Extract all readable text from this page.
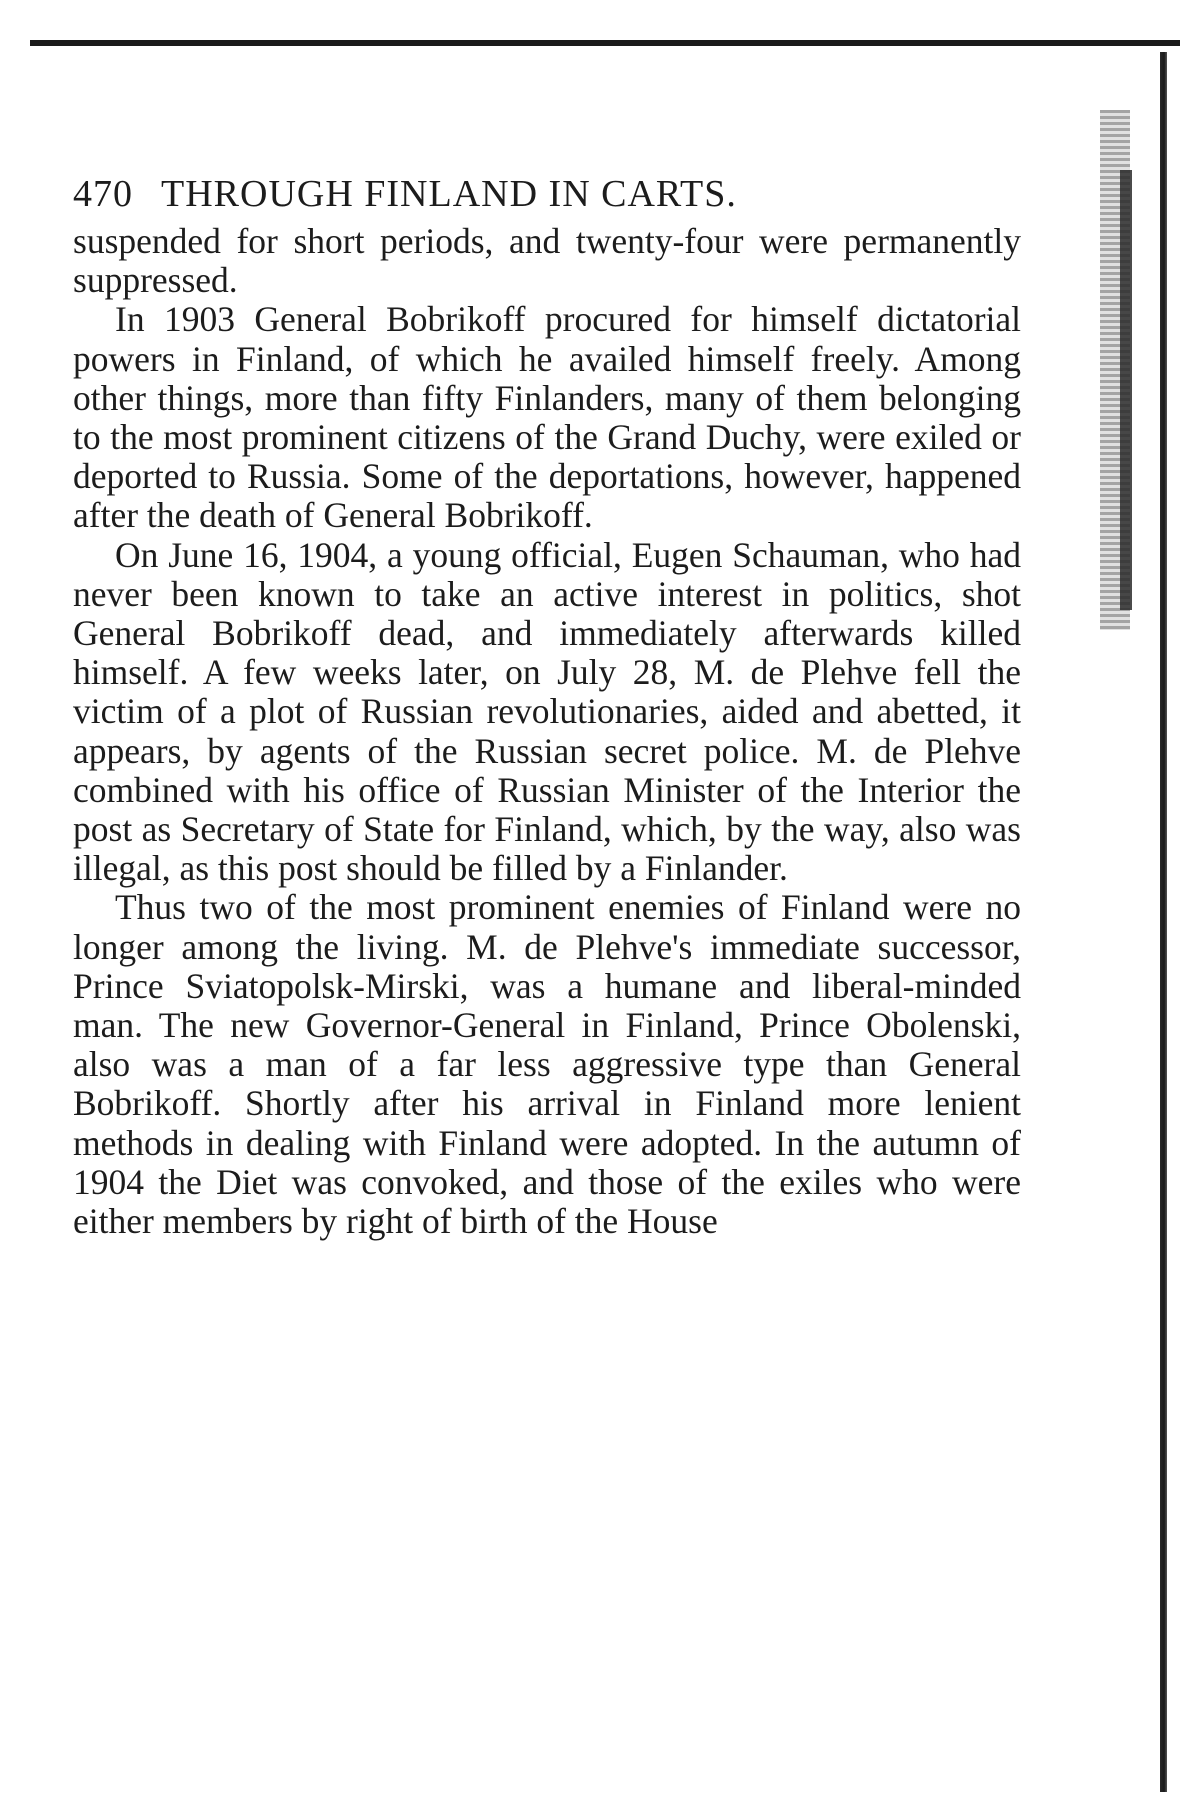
470 THROUGH FINLAND IN CARTS.

suspended for short periods, and twenty-four were permanently suppressed.

In 1903 General Bobrikoff procured for himself dictatorial powers in Finland, of which he availed himself freely. Among other things, more than fifty Finlanders, many of them belonging to the most prominent citizens of the Grand Duchy, were exiled or deported to Russia. Some of the deportations, however, happened after the death of General Bobrikoff.

On June 16, 1904, a young official, Eugen Schauman, who had never been known to take an active interest in politics, shot General Bobrikoff dead, and immediately afterwards killed himself. A few weeks later, on July 28, M. de Plehve fell the victim of a plot of Russian revolutionaries, aided and abetted, it appears, by agents of the Russian secret police. M. de Plehve combined with his office of Russian Minister of the Interior the post as Secretary of State for Finland, which, by the way, also was illegal, as this post should be filled by a Finlander.

Thus two of the most prominent enemies of Finland were no longer among the living. M. de Plehve's immediate successor, Prince Sviatopolsk-Mirski, was a humane and liberal-minded man. The new Governor-General in Finland, Prince Obolenski, also was a man of a far less aggressive type than General Bobrikoff. Shortly after his arrival in Finland more lenient methods in dealing with Finland were adopted. In the autumn of 1904 the Diet was convoked, and those of the exiles who were either members by right of birth of the House
